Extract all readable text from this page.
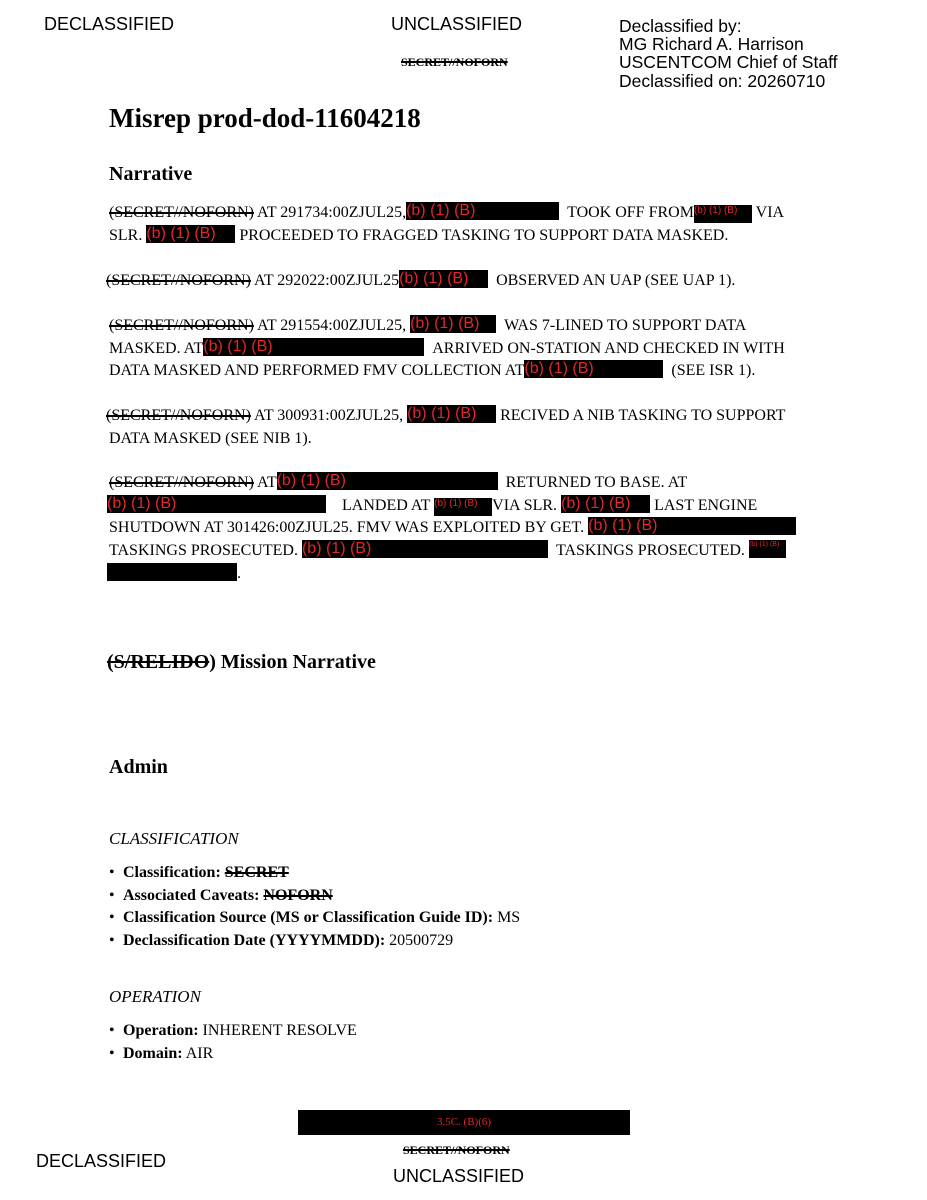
DECLASSIFIED	UNCLASSIFIED
SECRET//NOFORN
Declassified by:
MG Richard A. Harrison
USCENTCOM Chief of Staff
Declassified on: 20260710
Misrep prod-dod-11604218
Narrative
(SECRET//NOFORN) AT 291734:00ZJUL25,(b) (1) (B)	TOOK OFF FROM(b) (1) (B) VIA
SLR. (b) (1) (B) PROCEEDED TO FRAGGED TASKING TO SUPPORT DATA MASKED.
(SECRET//NOFORN) AT 292022:00ZJUL25(b) (1) (B) OBSERVED AN UAP (SEE UAP 1).
(SECRET//NOFORN) AT 291554:00ZJUL25, (b) (1) (B) WAS 7-LINED TO SUPPORT DATA
MASKED. AT(b) (1) (B)	ARRIVED ON-STATION AND CHECKED IN WITH
DATA MASKED AND PERFORMED FMV COLLECTION AT(b) (1) (B)	(SEE ISR 1).
(SECRET//NOFORN) AT 300931:00ZJUL25, (b) (1) (B) RECIVED A NIB TASKING TO SUPPORT
DATA MASKED (SEE NIB 1).
(SECRET//NOFORN) AT(b) (1) (B)	RETURNED TO BASE. AT
(b) (1) (B)	LANDED AT (b) (1) (B) VIA SLR. (b) (1) (B) LAST ENGINE
SHUTDOWN AT 301426:00ZJUL25. FMV WAS EXPLOITED BY GET. (b) (1) (B)
TASKINGS PROSECUTED. (b) (1) (B)	TASKINGS PROSECUTED. (b) (1) (B)
.
(S/RELIDO) Mission Narrative
Admin
CLASSIFICATION
• Classification: SECRET
• Associated Caveats: NOFORN
• Classification Source (MS or Classification Guide ID): MS
• Declassification Date (YYYYMMDD): 20500729
OPERATION
• Operation: INHERENT RESOLVE
• Domain: AIR
3.5C. (B)(6)
SECRET//NOFORN
DECLASSIFIED
UNCLASSIFIED
